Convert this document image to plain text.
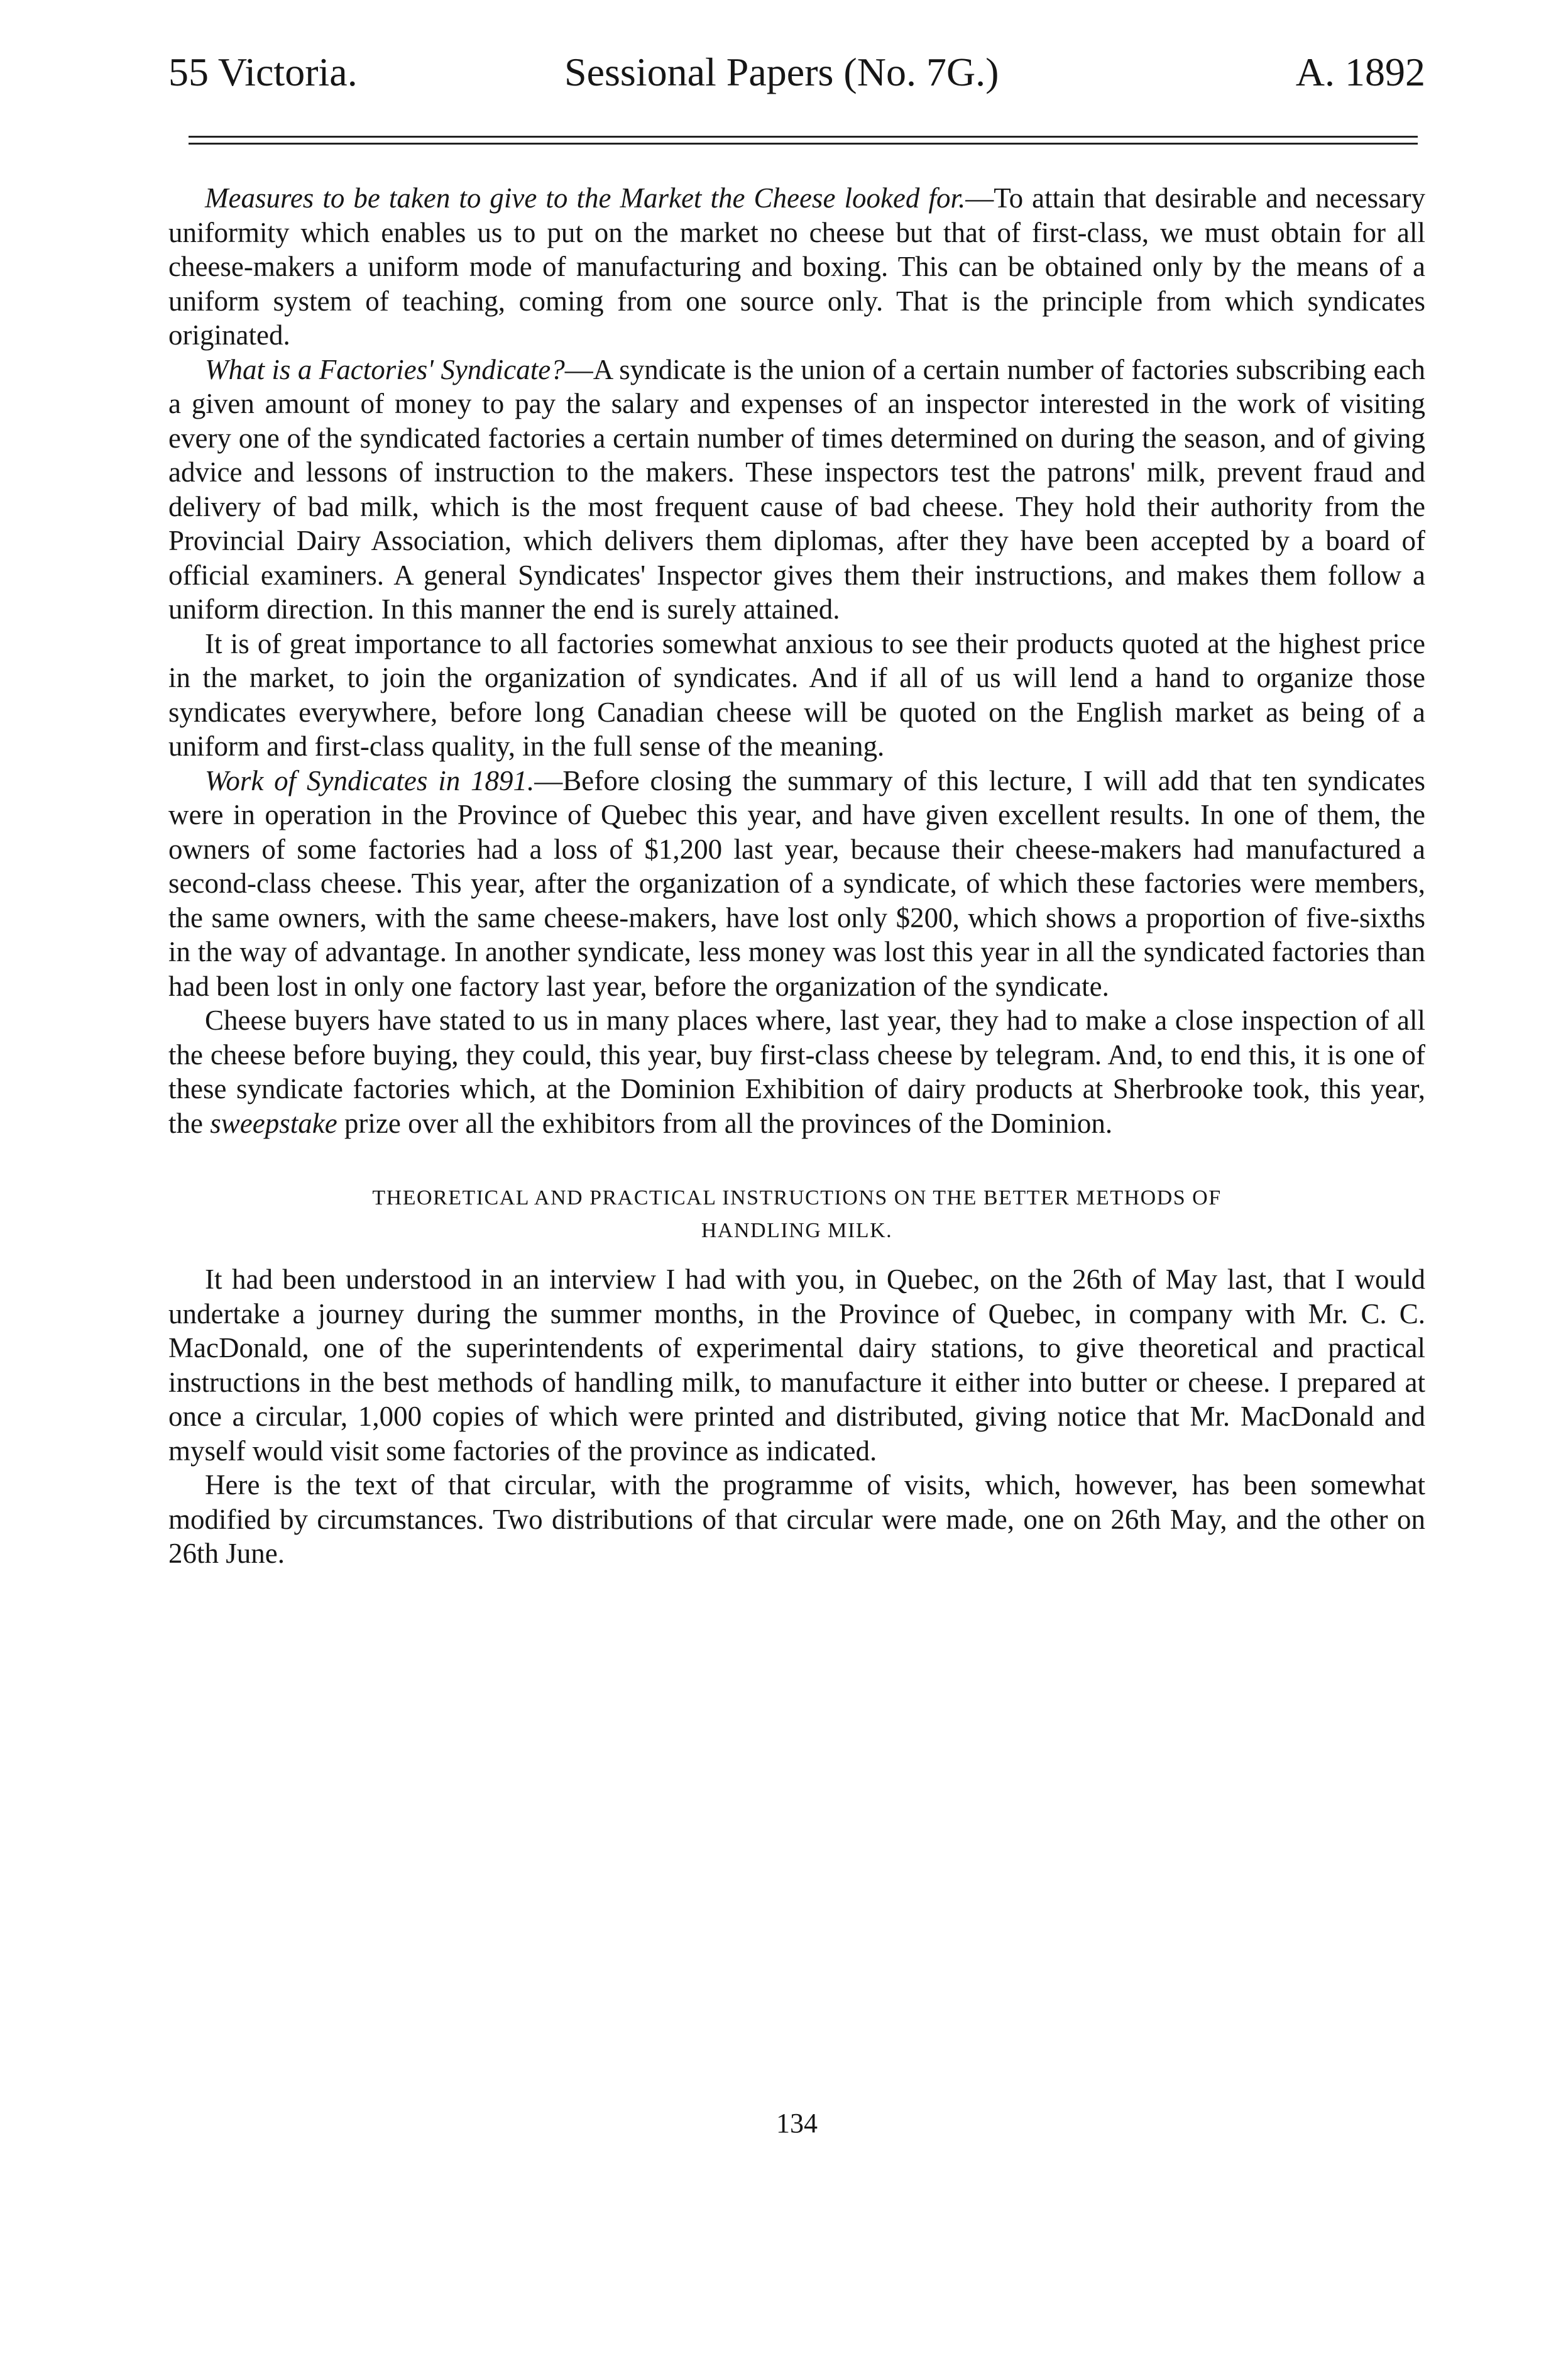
55 Victoria.	Sessional Papers (No. 7G.)	A. 1892

Measures to be taken to give to the Market the Cheese looked for.—To attain that desirable and necessary uniformity which enables us to put on the market no cheese but that of first-class, we must obtain for all cheese-makers a uniform mode of manufacturing and boxing. This can be obtained only by the means of a uniform system of teaching, coming from one source only. That is the principle from which syndicates originated.

What is a Factories' Syndicate?—A syndicate is the union of a certain number of factories subscribing each a given amount of money to pay the salary and expenses of an inspector interested in the work of visiting every one of the syndicated factories a certain number of times determined on during the season, and of giving advice and lessons of instruction to the makers. These inspectors test the patrons' milk, prevent fraud and delivery of bad milk, which is the most frequent cause of bad cheese. They hold their authority from the Provincial Dairy Association, which delivers them diplomas, after they have been accepted by a board of official examiners. A general Syndicates' Inspector gives them their instructions, and makes them follow a uniform direction. In this manner the end is surely attained.

It is of great importance to all factories somewhat anxious to see their products quoted at the highest price in the market, to join the organization of syndicates. And if all of us will lend a hand to organize those syndicates everywhere, before long Canadian cheese will be quoted on the English market as being of a uniform and first-class quality, in the full sense of the meaning.

Work of Syndicates in 1891.—Before closing the summary of this lecture, I will add that ten syndicates were in operation in the Province of Quebec this year, and have given excellent results. In one of them, the owners of some factories had a loss of $1,200 last year, because their cheese-makers had manufactured a second-class cheese. This year, after the organization of a syndicate, of which these factories were members, the same owners, with the same cheese-makers, have lost only $200, which shows a proportion of five-sixths in the way of advantage. In another syndicate, less money was lost this year in all the syndicated factories than had been lost in only one factory last year, before the organization of the syndicate.

Cheese buyers have stated to us in many places where, last year, they had to make a close inspection of all the cheese before buying, they could, this year, buy first-class cheese by telegram. And, to end this, it is one of these syndicate factories which, at the Dominion Exhibition of dairy products at Sherbrooke took, this year, the sweepstake prize over all the exhibitors from all the provinces of the Dominion.

THEORETICAL AND PRACTICAL INSTRUCTIONS ON THE BETTER METHODS OF
HANDLING MILK.

It had been understood in an interview I had with you, in Quebec, on the 26th of May last, that I would undertake a journey during the summer months, in the Province of Quebec, in company with Mr. C. C. MacDonald, one of the superintendents of experimental dairy stations, to give theoretical and practical instructions in the best methods of handling milk, to manufacture it either into butter or cheese. I prepared at once a circular, 1,000 copies of which were printed and distributed, giving notice that Mr. MacDonald and myself would visit some factories of the province as indicated.

Here is the text of that circular, with the programme of visits, which, however, has been somewhat modified by circumstances. Two distributions of that circular were made, one on 26th May, and the other on 26th June.

134
